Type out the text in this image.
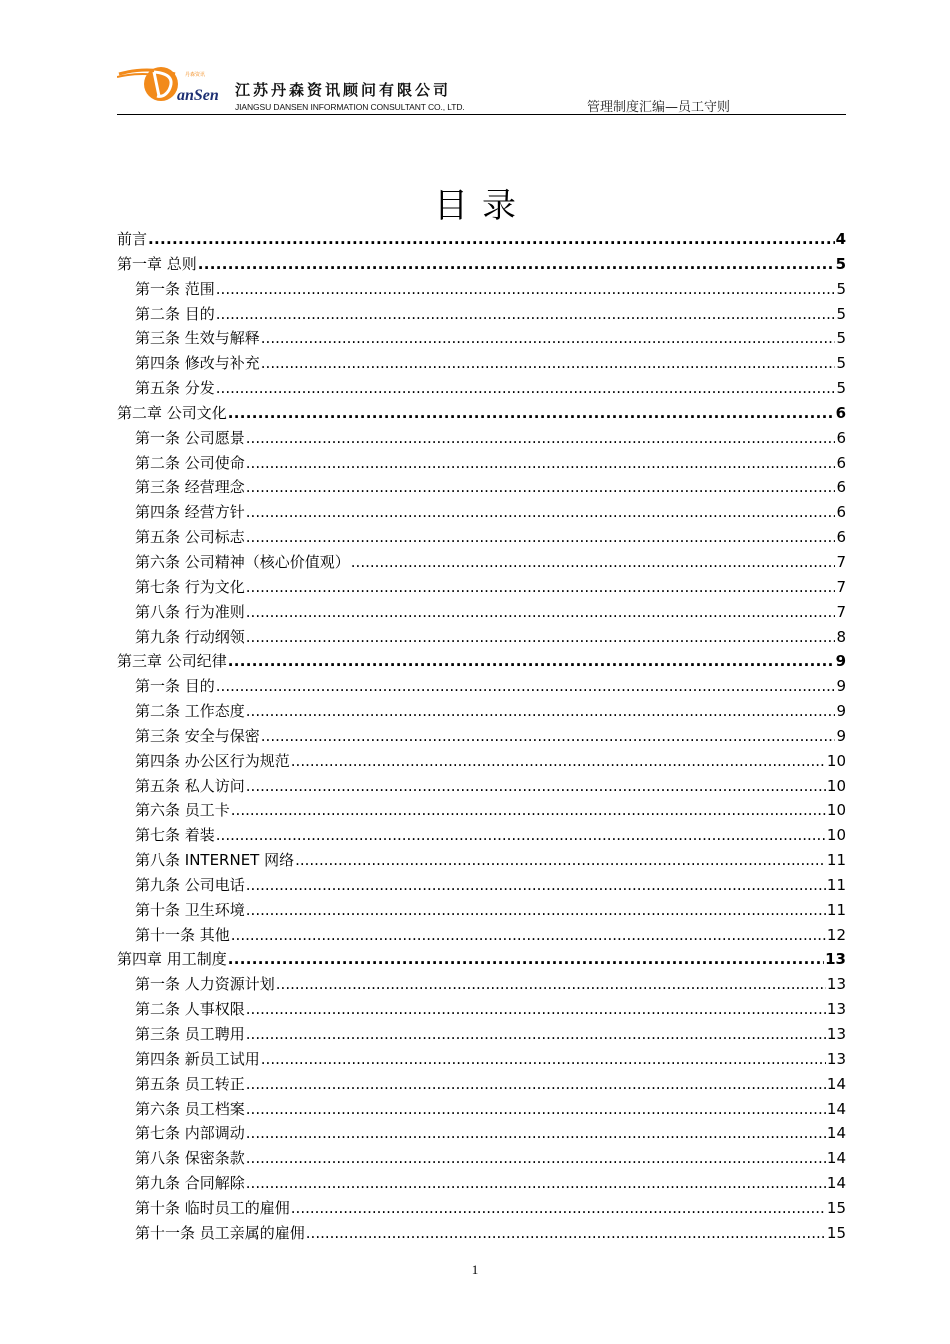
anSen
丹森资讯
江苏丹森资讯顾问有限公司
JIANGSU DANSEN INFORMATION CONSULTANT CO., LTD.	管理制度汇编—员工守则
目录
前言 .....	4
第一章 总则 .....	5
第一条 范围 .....	5
第二条 目的 .....	5
第三条 生效与解释 .....	5
第四条 修改与补充 .....	5
第五条 分发 .....	5
第二章 公司文化 .....	6
第一条 公司愿景 .....	6
第二条 公司使命 .....	6
第三条 经营理念 .....	6
第四条 经营方针 .....	6
第五条 公司标志 .....	6
第六条 公司精神（核心价值观） .....	7
第七条 行为文化 .....	7
第八条 行为准则 .....	7
第九条 行动纲领 .....	8
第三章 公司纪律 .....	9
第一条 目的 .....	9
第二条 工作态度 .....	9
第三条 安全与保密 .....	9
第四条 办公区行为规范 .....	10
第五条 私人访问 .....	10
第六条 员工卡 .....	10
第七条 着装 .....	10
第八条 INTERNET 网络 .....	11
第九条 公司电话 .....	11
第十条 卫生环境 .....	11
第十一条 其他 .....	12
第四章 用工制度 .....	13
第一条 人力资源计划 .....	13
第二条 人事权限 .....	13
第三条 员工聘用 .....	13
第四条 新员工试用 .....	13
第五条 员工转正 .....	14
第六条 员工档案 .....	14
第七条 内部调动 .....	14
第八条 保密条款 .....	14
第九条 合同解除 .....	14
第十条 临时员工的雇佣 .....	15
第十一条 员工亲属的雇佣 .....	15
1
